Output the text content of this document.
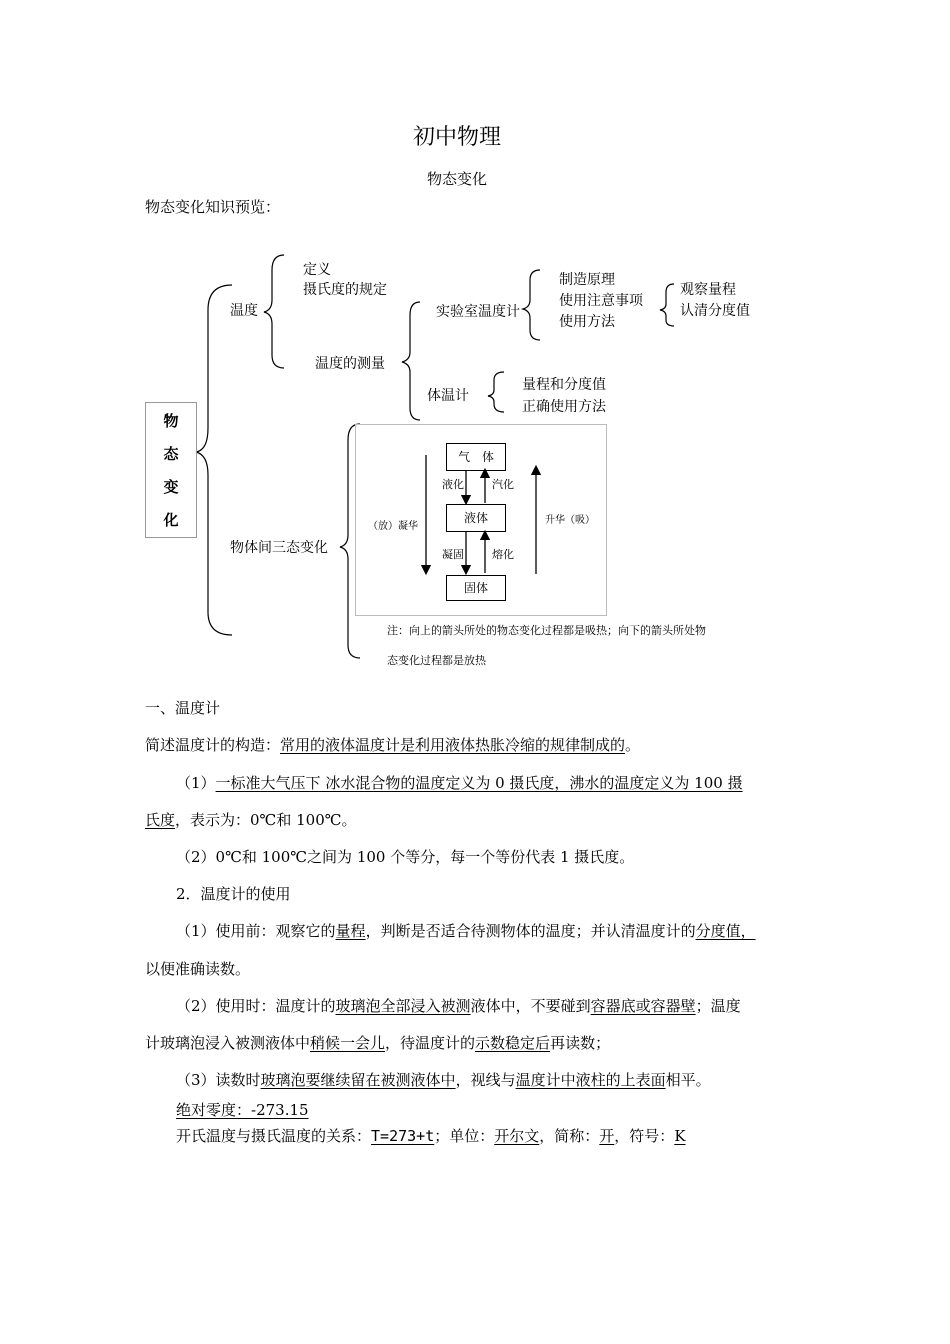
初中物理
物态变化
物态变化知识预览：
物
态
变
化
温度
定义
摄氏度的规定
温度的测量
实验室温度计
制造原理
使用注意事项
使用方法
观察量程
认清分度值
体温计
量程和分度值
正确使用方法
物体间三态变化
气　体
液体
固体
液化	汽化
凝固	熔化
（放）凝华
升华（吸）
注：向上的箭头所处的物态变化过程都是吸热；向下的箭头所处物
态变化过程都是放热
一、温度计
简述温度计的构造：常用的液体温度计是利用液体热胀冷缩的规律制成的。
（1）一标准大气压下 冰水混合物的温度定义为 0 摄氏度，沸水的温度定义为 100 摄
氏度，表示为：0℃和 100℃。
（2）0℃和 100℃之间为 100 个等分，每一个等份代表 1 摄氏度。
2．温度计的使用
（1）使用前：观察它的量程，判断是否适合待测物体的温度；并认清温度计的分度值，
以便准确读数。
（2）使用时：温度计的玻璃泡全部浸入被测液体中，不要碰到容器底或容器壁；温度
计玻璃泡浸入被测液体中稍候一会儿，待温度计的示数稳定后再读数；
（3）读数时玻璃泡要继续留在被测液体中，视线与温度计中液柱的上表面相平。
绝对零度：-273.15
开氏温度与摄氏温度的关系：T=273+t；单位：开尔文，简称：开，符号：K
